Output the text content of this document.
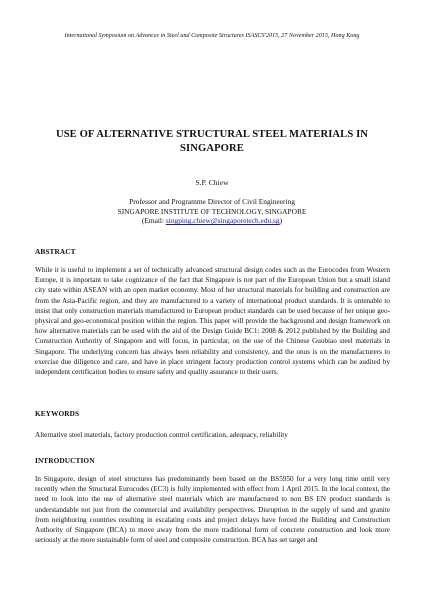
International Symposium on Advances in Steel and Composite Structures ISASCS'2015, 27 November 2015, Hong Kong
USE OF ALTERNATIVE STRUCTURAL STEEL MATERIALS IN SINGAPORE
S.P. Chiew
Professor and Programme Director of Civil Engineering
SINGAPORE INSTITUTE OF TECHNOLOGY, SINGAPORE
(Email: singping.chiew@singaporetech.edu.sg)
ABSTRACT

While it is useful to implement a set of technically advanced structural design codes such as the Eurocodes from Western Europe, it is important to take cognizance of the fact that Singapore is not part of the European Union but a small island city state within ASEAN with an open market economy. Most of her structural materials for building and construction are from the Asia-Pacific region, and they are manufactured to a variety of international product standards. It is untenable to insist that only construction materials manufactured to European product standards can be used because of her unique geo-physical and geo-economical position within the region. This paper will provide the background and design framework on how alternative materials can be used with the aid of the Design Guide BC1: 2008 & 2012 published by the Building and Construction Authority of Singapore and will focus, in particular, on the use of the Chinese Guobiao steel materials in Singapore. The underlying concern has always been reliability and consistency, and the onus is on the manufacturers to exercise due diligence and care, and have in place stringent factory production control systems which can be audited by independent certification bodies to ensure safety and quality assurance to their users.

KEYWORDS

Alternative steel materials, factory production control certification, adequacy, reliability

INTRODUCTION

In Singapore, design of steel structures has predominantly been based on the BS5950 for a very long time until very recently when the Structural Eurocodes (EC3) is fully implemented with effect from 1 April 2015. In the local context, the need to look into the use of alternative steel materials which are manufactured to non BS EN product standards is understandable not just from the commercial and availability perspectives. Disruption in the supply of sand and granite from neighboring countries resulting in escalating costs and project delays have forced the Building and Construction Authority of Singapore (BCA) to move away from the more traditional form of concrete construction and look more seriously at the more sustainable form of steel and composite construction. BCA has set target and
